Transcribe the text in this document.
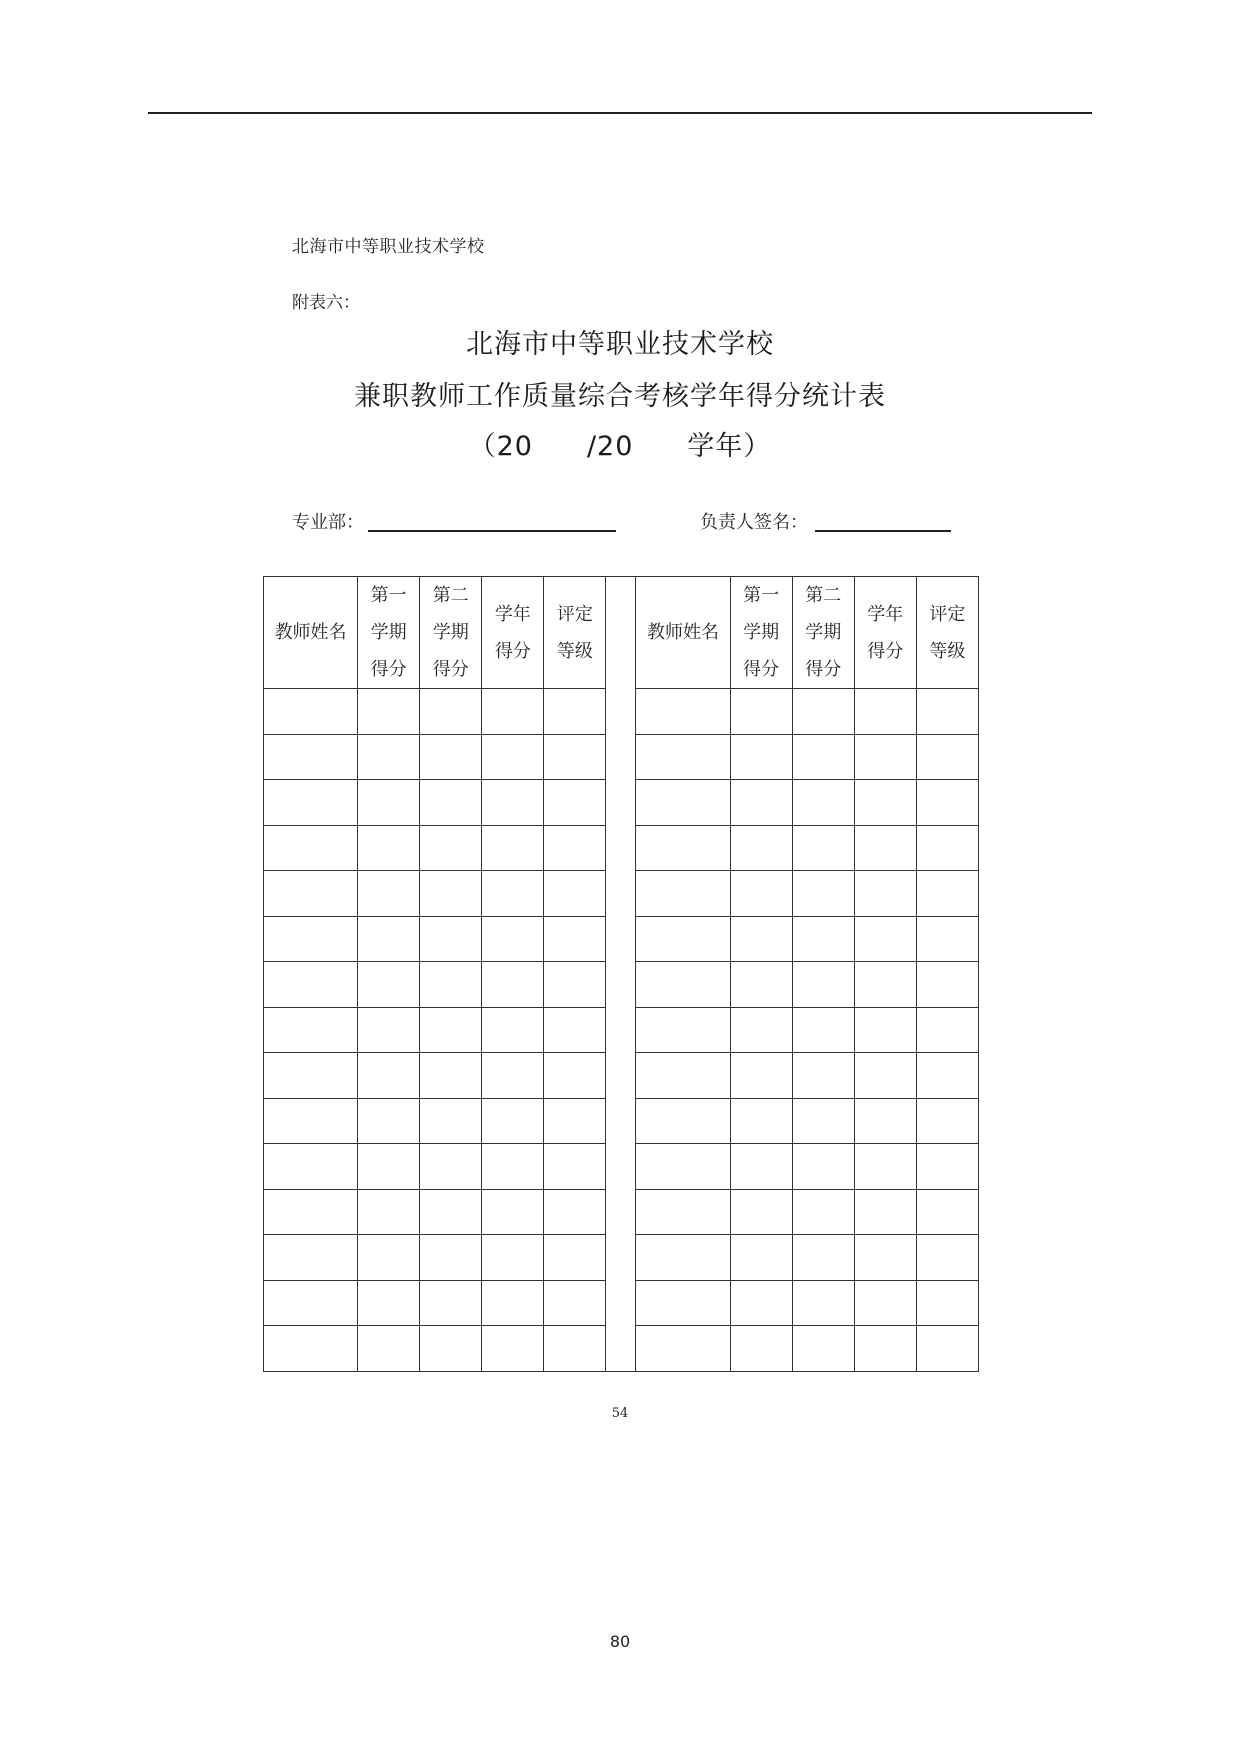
北海市中等职业技术学校
附表六：
北海市中等职业技术学校
兼职教师工作质量综合考核学年得分统计表
（20 /20 学年）
专业部：	负责人签名：
教师姓名	第一
学期
得分	第二
学期
得分	学年
得分	评定
等级		教师姓名	第一
学期
得分	第二
学期
得分	学年
得分	评定
等级

54
80
